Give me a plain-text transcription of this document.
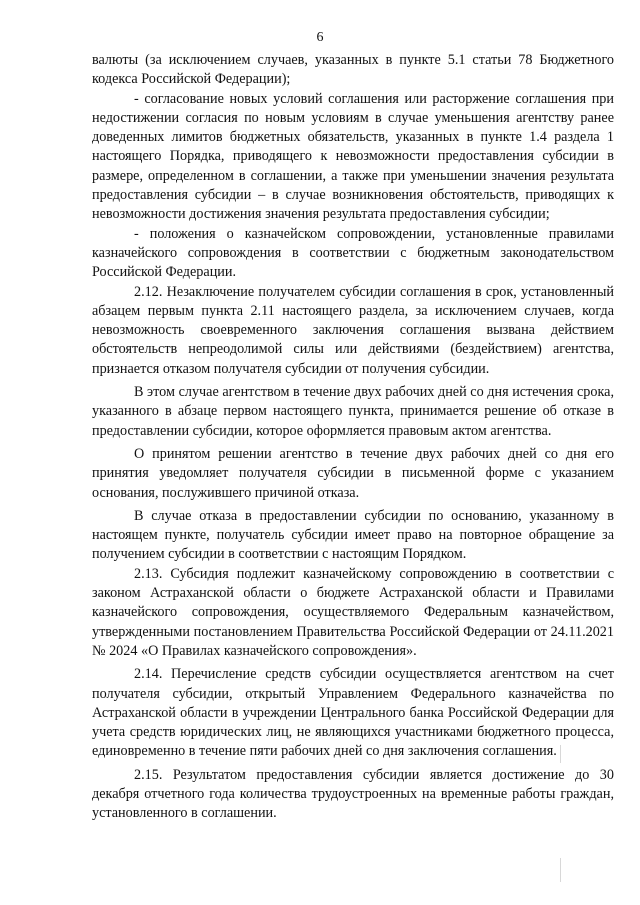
6

валюты (за исключением случаев, указанных в пункте 5.1 статьи 78 Бюджетного кодекса Российской Федерации);

- согласование новых условий соглашения или расторжение соглашения при недостижении согласия по новым условиям в случае уменьшения агентству ранее доведенных лимитов бюджетных обязательств, указанных в пункте 1.4 раздела 1 настоящего Порядка, приводящего к невозможности предоставления субсидии в размере, определенном в соглашении, а также при уменьшении значения результата предоставления субсидии – в случае возникновения обстоятельств, приводящих к невозможности достижения значения результата предоставления субсидии;

- положения о казначейском сопровождении, установленные правилами казначейского сопровождения в соответствии с бюджетным законодательством Российской Федерации.

2.12. Незаключение получателем субсидии соглашения в срок, установленный абзацем первым пункта 2.11 настоящего раздела, за исключением случаев, когда невозможность своевременного заключения соглашения вызвана действием обстоятельств непреодолимой силы или действиями (бездействием) агентства, признается отказом получателя субсидии от получения субсидии.

В этом случае агентством в течение двух рабочих дней со дня истечения срока, указанного в абзаце первом настоящего пункта, принимается решение об отказе в предоставлении субсидии, которое оформляется правовым актом агентства.

О принятом решении агентство в течение двух рабочих дней со дня его принятия уведомляет получателя субсидии в письменной форме с указанием основания, послужившего причиной отказа.

В случае отказа в предоставлении субсидии по основанию, указанному в настоящем пункте, получатель субсидии имеет право на повторное обращение за получением субсидии в соответствии с настоящим Порядком.

2.13. Субсидия подлежит казначейскому сопровождению в соответствии с законом Астраханской области о бюджете Астраханской области и Правилами казначейского сопровождения, осуществляемого Федеральным казначейством, утвержденными постановлением Правительства Российской Федерации от 24.11.2021 № 2024 «О Правилах казначейского сопровождения».

2.14. Перечисление средств субсидии осуществляется агентством на счет получателя субсидии, открытый Управлением Федерального казначейства по Астраханской области в учреждении Центрального банка Российской Федерации для учета средств юридических лиц, не являющихся участниками бюджетного процесса, единовременно в течение пяти рабочих дней со дня заключения соглашения.

2.15. Результатом предоставления субсидии является достижение до 30 декабря отчетного года количества трудоустроенных на временные работы граждан, установленного в соглашении.
